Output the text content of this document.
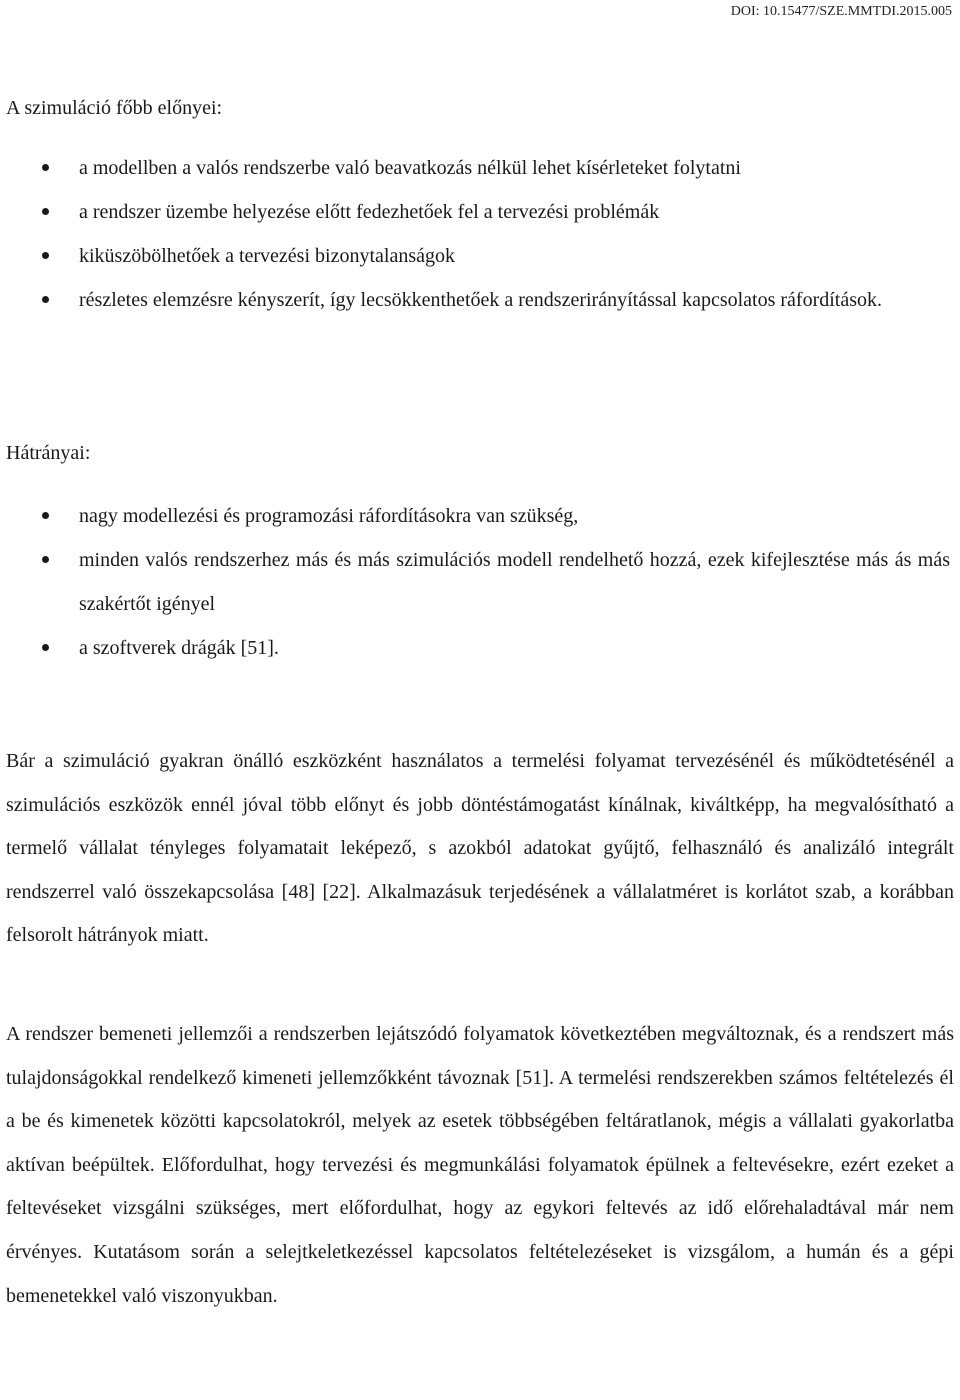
DOI: 10.15477/SZE.MMTDI.2015.005
A szimuláció főbb előnyei:
a modellben a valós rendszerbe való beavatkozás nélkül lehet kísérleteket folytatni
a rendszer üzembe helyezése előtt fedezhetőek fel a tervezési problémák
kiküszöbölhetőek a tervezési bizonytalanságok
részletes elemzésre kényszerít, így lecsökkenthetőek a rendszerirányítással kapcsolatos ráfordítások.
Hátrányai:
nagy modellezési és programozási ráfordításokra van szükség,
minden valós rendszerhez más és más szimulációs modell rendelhető hozzá, ezek kifejlesztése más ás más szakértőt igényel
a szoftverek drágák [51].

Bár a szimuláció gyakran önálló eszközként használatos a termelési folyamat tervezésénél és működtetésénél a szimulációs eszközök ennél jóval több előnyt és jobb döntéstámogatást kínálnak, kiváltképp, ha megvalósítható a termelő vállalat tényleges folyamatait leképező, s azokból adatokat gyűjtő, felhasználó és analizáló integrált rendszerrel való összekapcsolása [48] [22]. Alkalmazásuk terjedésének a vállalatméret is korlátot szab, a korábban felsorolt hátrányok miatt.

A rendszer bemeneti jellemzői a rendszerben lejátszódó folyamatok következtében megváltoznak, és a rendszert más tulajdonságokkal rendelkező kimeneti jellemzőkként távoznak [51]. A termelési rendszerekben számos feltételezés él a be és kimenetek közötti kapcsolatokról, melyek az esetek többségében feltáratlanok, mégis a vállalati gyakorlatba aktívan beépültek. Előfordulhat, hogy tervezési és megmunkálási folyamatok épülnek a feltevésekre, ezért ezeket a feltevéseket vizsgálni szükséges, mert előfordulhat, hogy az egykori feltevés az idő előrehaladtával már nem érvényes. Kutatásom során a selejtkeletkezéssel kapcsolatos feltételezéseket is vizsgálom, a humán és a gépi bemenetekkel való viszonyukban.
